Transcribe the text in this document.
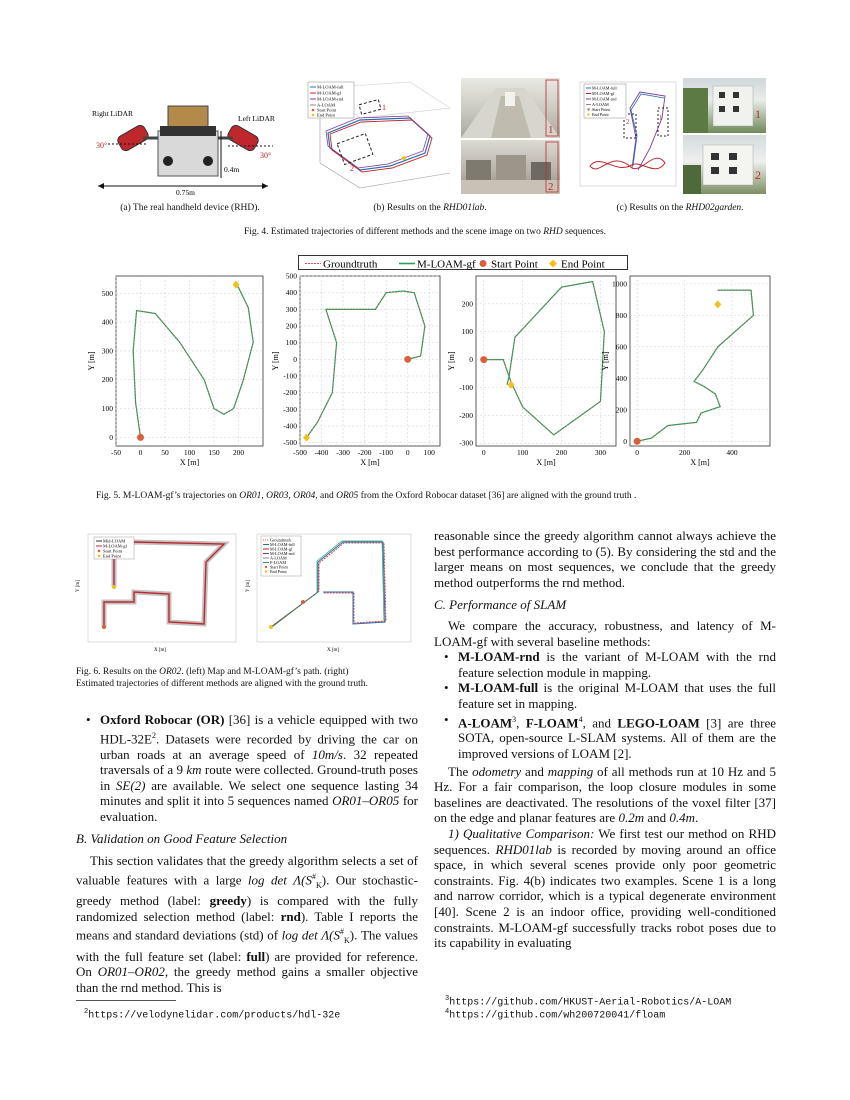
Right LiDAR
Left LiDAR
30°
30°
0.4m
0.75m
2
1
M-LOAM-full
M-LOAM-gf
M-LOAM-rnd
A-LOAM
Start Point
End Point
1
2
2	1
M-LOAM-full
M-LOAM-gf
M-LOAM-rnd
A-LOAM
Start Point
End Point	1
2
(a) The real handheld device (RHD).	(b) Results on the RHD01lab.	(c) Results on the RHD02garden.
Fig. 4. Estimated trajectories of different methods and the scene image on two RHD sequences.
Groundtruth	M-LOAM-gf Start Point End Point
-50 0	50 100 150 200
0
100
200
300
400
500
X [m]
Y [m]
-500 -400 -300 -200 -100 0 100
-500
-400
-300
-200
-100
0
100
200
300
400
500
X [m]
Y [m]
0	100	200	300
-300
-200
-100
0
100
200
X [m]
Y [m]
0	200	400
0
200
400
600
800
1000
X [m]
Y [m]
Fig. 5. M-LOAM-gf’s trajectories on OR01, OR03, OR04, and OR05 from the Oxford Robocar dataset [36] are aligned with the ground truth .
Mid-LOAM
M-LOAM-gf
Start Point
End Point
X [m]
Y [m]
Groundtruth
M-LOAM-full
M-LOAM-gf
M-LOAM-rnd
A-LOAM
F-LOAM
Start Point
End Point
X [m]
Y [m]
Fig. 6. Results on the OR02. (left) Map and M-LOAM-gf’s path. (right)
Estimated trajectories of different methods are aligned with the ground truth.
• Oxford Robocar (OR) [36] is a vehicle equipped with two HDL-$32E^2$. Datasets were recorded by driving the car on urban roads at an average speed of 10m/s. 32 repeated traversals of a 9 km route were collected. Ground-truth poses in SE(2) are available. We select one sequence lasting 34 minutes and split it into 5 sequences named OR01–OR05 for evaluation.
B. Validation on Good Feature Selection
This section validates that the greedy algorithm selects a set of valuable features with a large $\log \det \Lambda(S^{\#}_K)$. Our stochastic-greedy method (label: greedy) is compared with the fully randomized selection method (label: rnd). Table I reports the means and standard deviations (std) of $\log \det \Lambda(S^{\#}_K)$. The values with the full feature set (label: full) are provided for reference. On OR01–OR02, the greedy method gains a smaller objective than the rnd method. This is
$^2$https://velodynelidar.com/products/hdl-32e
reasonable since the greedy algorithm cannot always achieve the best performance according to (5). By considering the std and the larger means on most sequences, we conclude that the greedy method outperforms the rnd method.
C. Performance of SLAM
We compare the accuracy, robustness, and latency of M-LOAM-gf with several baseline methods:
• M-LOAM-rnd is the variant of M-LOAM with the rnd feature selection module in mapping.
• M-LOAM-full is the original M-LOAM that uses the full feature set in mapping.
• A-LOAM$^3$, F-LOAM$^4$, and LEGO-LOAM [3] are three SOTA, open-source L-SLAM systems. All of them are the improved versions of LOAM [2].
The odometry and mapping of all methods run at 10 Hz and 5 Hz. For a fair comparison, the loop closure modules in some baselines are deactivated. The resolutions of the voxel filter [37] on the edge and planar features are 0.2m and 0.4m.
1) Qualitative Comparison: We first test our method on RHD sequences. RHD01lab is recorded by moving around an office space, in which several scenes provide only poor geometric constraints. Fig. 4(b) indicates two examples. Scene 1 is a long and narrow corridor, which is a typical degenerate environment [40]. Scene 2 is an indoor office, providing well-conditioned constraints. M-LOAM-gf successfully tracks robot poses due to its capability in evaluating
$^3$https://github.com/HKUST-Aerial-Robotics/A-LOAM
$^4$https://github.com/wh200720041/floam
